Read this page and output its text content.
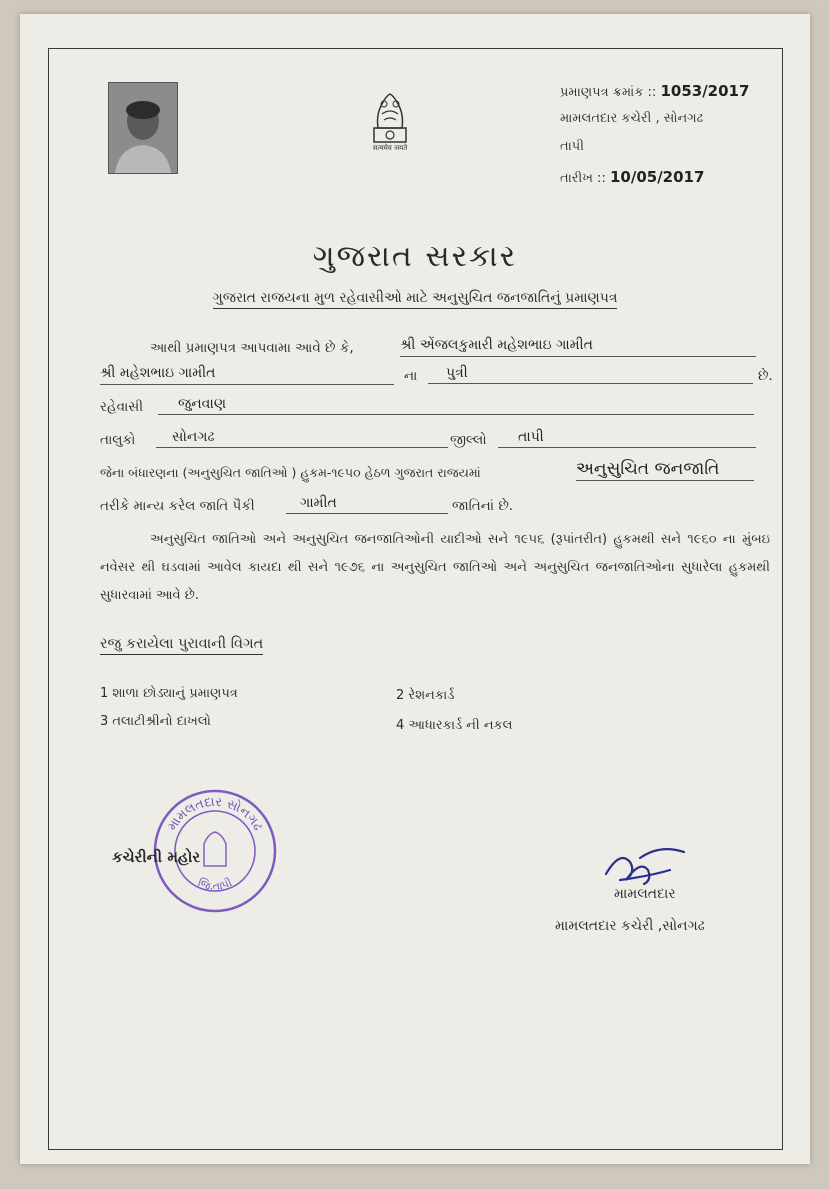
सत्यमेव जयते
પ્રમાણપત્ર ક્રમાંક :: 1053/2017
મામલતદાર કચેરી , સોનગઢ
તાપી
તારીખ :: 10/05/2017
ગુજરાત સરકાર
ગુજરાત રાજયના મુળ રહેવાસીઓ માટે અનુસુચિત જનજાતિનું પ્રમાણપત્ર
આથી પ્રમાણપત્ર આપવામા આવે છે કે,	શ્રી એંજલકુમારી મહેશભાઇ ગામીત
શ્રી મહેશભાઇ ગામીત	ના	પુત્રી	છે.
રહેવાસી	જુનવાણ
તાલુકો	સોનગઢ	જીલ્લો	તાપી
જેના બંધારણના (અનુસુચિત જાતિઓ ) હુકમ-૧૯૫૦ હેઠળ ગુજરાત રાજયમાં	અનુસુચિત જનજાતિ
તરીકે માન્ય કરેલ જાતિ પૈકી	ગામીત	જાતિનાં છે.
અનુસુચિત જાતિઓ અને અનુસુચિત જનજાતિઓની યાદીઓ સને ૧૯૫૬ (રૂપાંતરીત) હુકમથી સને ૧૯૬૦ ના મુંબઇ નવેસર થી ઘડવામાં આવેલ કાયદા થી સને ૧૯૭૬ ના અનુસુચિત જાતિઓ અને અનુસુચિત જનજાતિઓના સુધારેલા હુકમથી સુધારવામાં આવે છે.
રજુ કરાયેલા પુરાવાની વિગત
1 શાળા છોડ્યાનું પ્રમાણપત્ર	2 રેશનકાર્ડ
3 તલાટીશ્રીનો દાખલો	4 આધારકાર્ડ ની નકલ
મામલતદાર સોનગઢ
જિ.તાપી
કચેરીની મહોર
મામલતદાર
મામલતદાર કચેરી ,સોનગઢ
